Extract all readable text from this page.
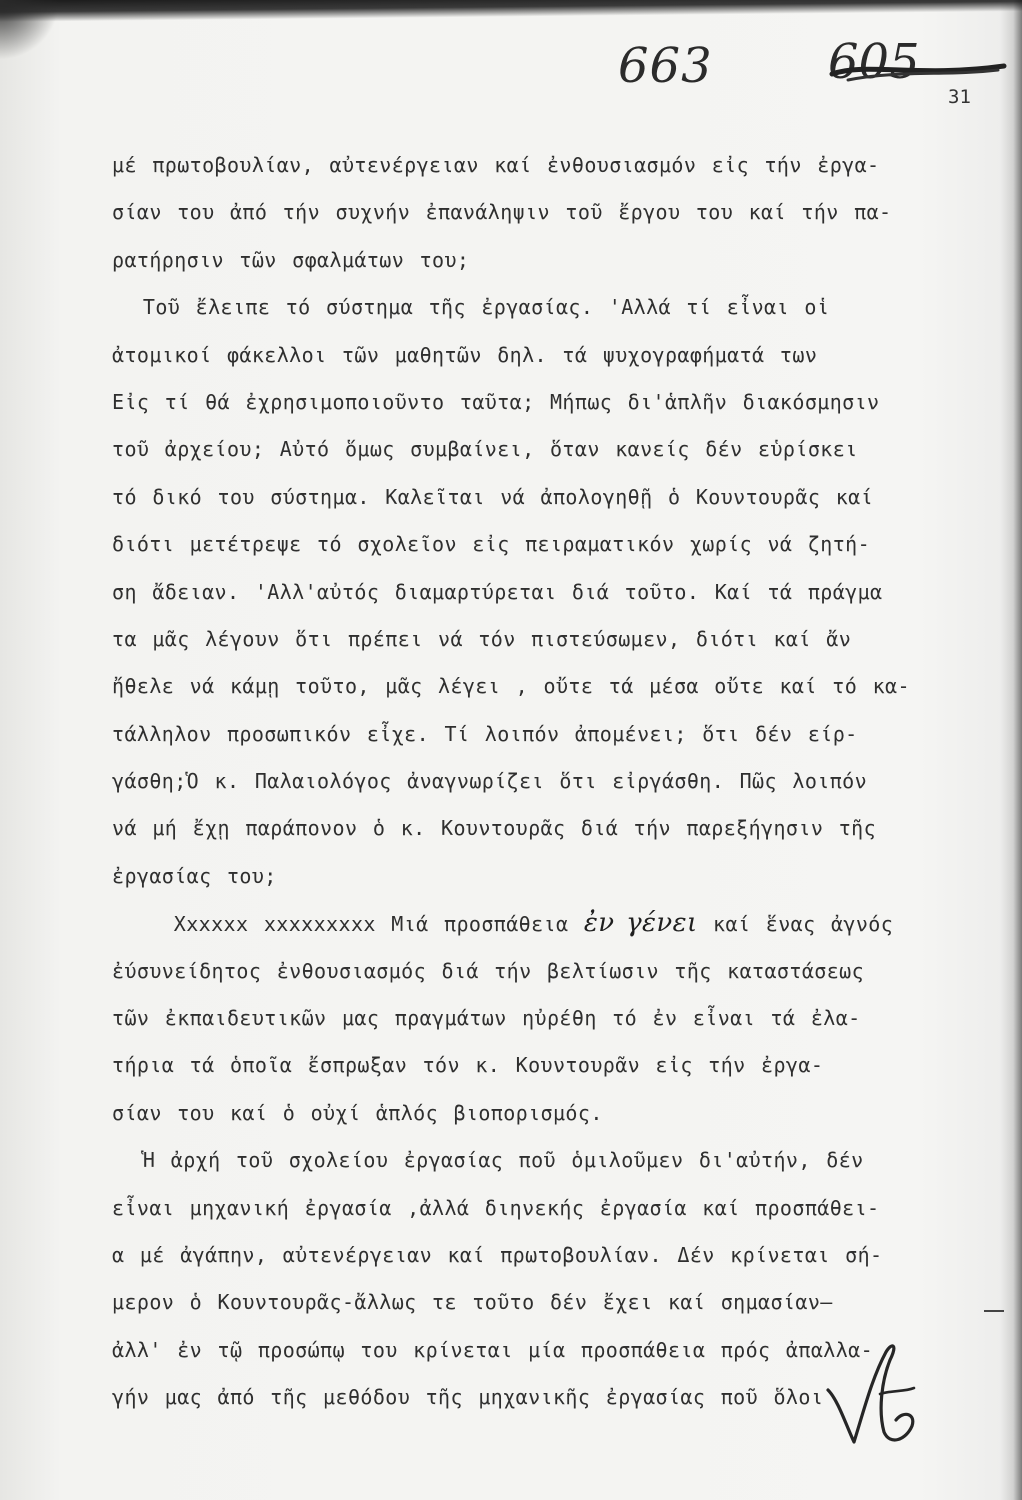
663 605
31
μέ πρωτοβουλίαν, αὐτενέργειαν καί ἐνθουσιασμόν εἰς τήν ἐργα-
σίαν του ἀπό τήν συχνήν ἐπανάληψιν τοῦ ἔργου του καί τήν πα-
ρατήρησιν τῶν σφαλμάτων του;
Τοῦ ἔλειπε τό σύστημα τῆς ἐργασίας. 'Αλλά τί εἶναι οἱ
ἀτομικοί φάκελλοι τῶν μαθητῶν δηλ. τά ψυχογραφήματά των
Εἰς τί θά ἐχρησιμοποιοῦντο ταῦτα; Μήπως δι'ἁπλῆν διακόσμησιν
τοῦ ἀρχείου; Αὐτό ὅμως συμβαίνει, ὅταν κανείς δέν εὑρίσκει
τό δικό του σύστημα. Καλεῖται νά ἀπολογηθῇ ὁ Κουντουρᾶς καί
διότι μετέτρεψε τό σχολεῖον εἰς πειραματικόν χωρίς νά ζητή-
ση ἄδειαν. 'Αλλ'αὐτός διαμαρτύρεται διά τοῦτο. Καί τά πράγμα
τα μᾶς λέγουν ὅτι πρέπει νά τόν πιστεύσωμεν, διότι καί ἄν
ἤθελε νά κάμῃ τοῦτο, μᾶς λέγει , οὔτε τά μέσα οὔτε καί τό κα-
τάλληλον προσωπικόν εἶχε. Τί λοιπόν ἀπομένει; ὅτι δέν είρ-
γάσθη;Ὁ κ. Παλαιολόγος ἀναγνωρίζει ὅτι εἰργάσθη. Πῶς λοιπόν
νά μή ἔχῃ παράπονον ὁ κ. Κουντουρᾶς διά τήν παρεξήγησιν τῆς
ἐργασίας του;
Xxxxxx xxxxxxxxx Μιά προσπάθεια ἐν γένει καί ἕνας ἀγνός
ἐύσυνείδητος ἐνθουσιασμός διά τήν βελτίωσιν τῆς καταστάσεως
τῶν ἐκπαιδευτικῶν μας πραγμάτων ηὐρέθη τό ἐν εἶναι τά ἐλα-
τήρια τά ὁποῖα ἔσπρωξαν τόν κ. Κουντουρᾶν εἰς τήν ἐργα-
σίαν του καί ὁ οὐχί ἁπλός βιοπορισμός.
Ἡ ἀρχή τοῦ σχολείου ἐργασίας ποῦ ὁμιλοῦμεν δι'αὐτήν, δέν
εἶναι μηχανική ἐργασία ,ἀλλά διηνεκής ἐργασία καί προσπάθει-
α μέ ἀγάπην, αὐτενέργειαν καί πρωτοβουλίαν. Δέν κρίνεται σή-
μερον ὁ Κουντουρᾶς-ἄλλως τε τοῦτο δέν ἔχει καί σημασίαν—
ἀλλ' ἐν τῷ προσώπῳ του κρίνεται μία προσπάθεια πρός ἀπαλλα-
γήν μας ἀπό τῆς μεθόδου τῆς μηχανικῆς ἐργασίας ποῦ ὅλοι
